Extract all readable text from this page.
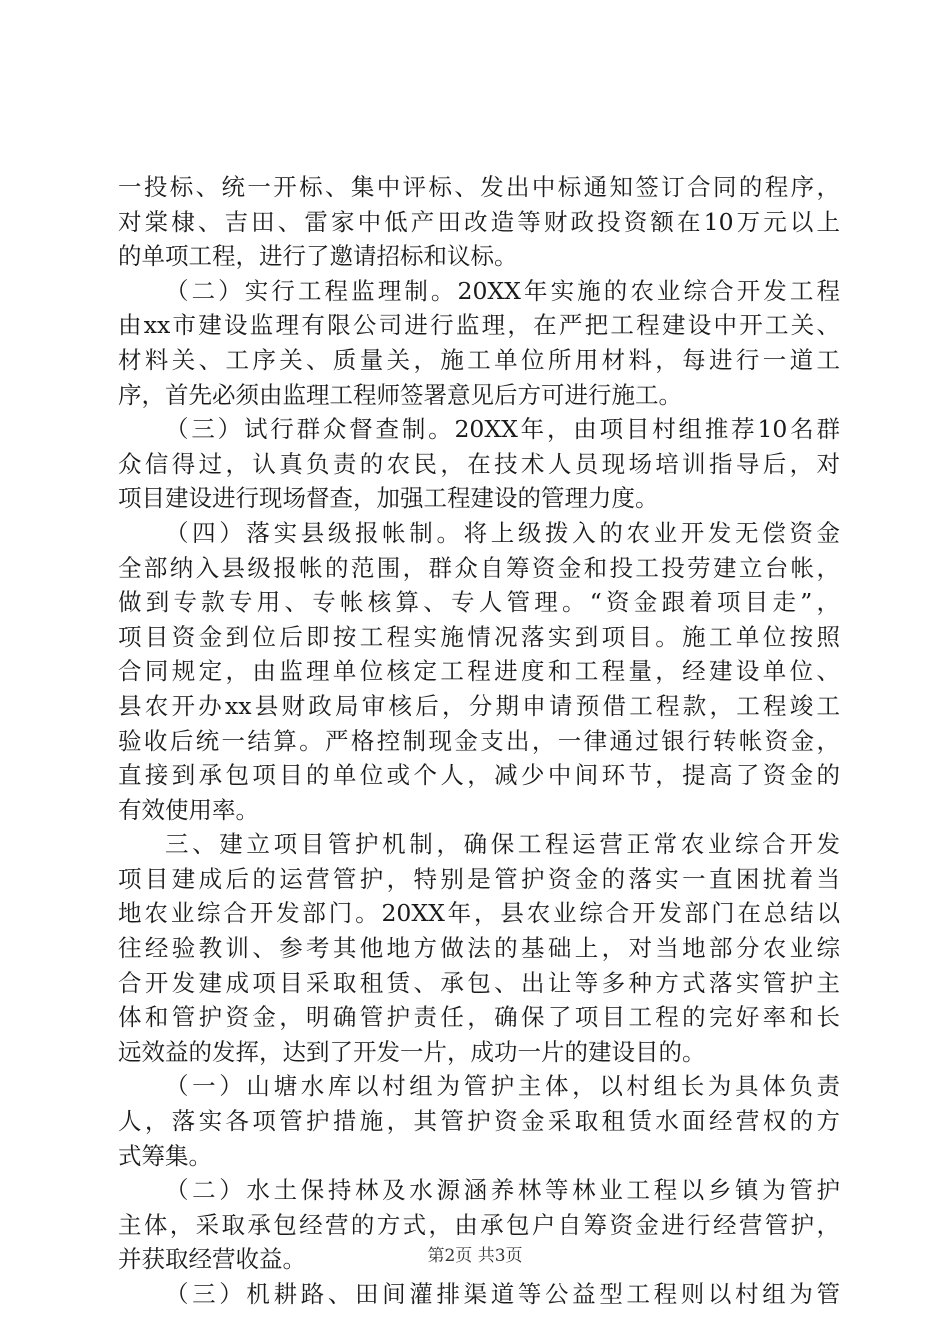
一投标、统一开标、集中评标、发出中标通知签订合同的程序，
对棠棣、吉田、雷家中低产田改造等财政投资额在10万元以上
的单项工程，进行了邀请招标和议标。
（二）实行工程监理制。20XX年实施的农业综合开发工程
由xx市建设监理有限公司进行监理，在严把工程建设中开工关、
材料关、工序关、质量关，施工单位所用材料，每进行一道工
序，首先必须由监理工程师签署意见后方可进行施工。
（三）试行群众督查制。20XX年，由项目村组推荐10名群
众信得过，认真负责的农民，在技术人员现场培训指导后，对
项目建设进行现场督查，加强工程建设的管理力度。
（四）落实县级报帐制。将上级拨入的农业开发无偿资金
全部纳入县级报帐的范围，群众自筹资金和投工投劳建立台帐，
做到专款专用、专帐核算、专人管理。“资金跟着项目走”，
项目资金到位后即按工程实施情况落实到项目。施工单位按照
合同规定，由监理单位核定工程进度和工程量，经建设单位、
县农开办xx县财政局审核后，分期申请预借工程款，工程竣工
验收后统一结算。严格控制现金支出，一律通过银行转帐资金，
直接到承包项目的单位或个人，减少中间环节，提高了资金的
有效使用率。
三、建立项目管护机制，确保工程运营正常农业综合开发
项目建成后的运营管护，特别是管护资金的落实一直困扰着当
地农业综合开发部门。20XX年，县农业综合开发部门在总结以
往经验教训、参考其他地方做法的基础上，对当地部分农业综
合开发建成项目采取租赁、承包、出让等多种方式落实管护主
体和管护资金，明确管护责任，确保了项目工程的完好率和长
远效益的发挥，达到了开发一片，成功一片的建设目的。
（一）山塘水库以村组为管护主体，以村组长为具体负责
人，落实各项管护措施，其管护资金采取租赁水面经营权的方
式筹集。
（二）水土保持林及水源涵养林等林业工程以乡镇为管护
主体，采取承包经营的方式，由承包户自筹资金进行经营管护，
并获取经营收益。
（三）机耕路、田间灌排渠道等公益型工程则以村组为管
第2页 共3页
